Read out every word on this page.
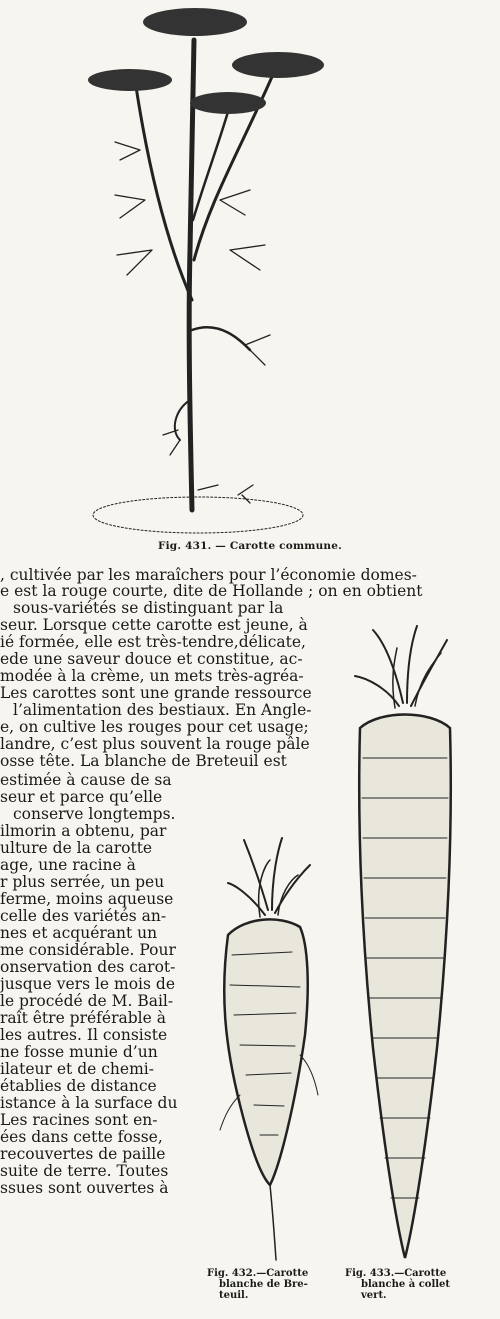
Fig. 431. — Carotte commune.
, cultivée par les maraîchers pour l’économie domes-
e est la rouge courte, dite de Hollande ; on en obtient
sous-variétés se distinguant par la
seur. Lorsque cette carotte est jeune, à
ié formée, elle est très-tendre,délicate,
ede une saveur douce et constitue, ac-
modée à la crème, un mets très-agréa-
Les carottes sont une grande ressource
l’alimentation des bestiaux. En Angle-
e, on cultive les rouges pour cet usage;
landre, c’est plus souvent la rouge pâle
osse tête. La blanche de Breteuil est
estimée à cause de sa
seur et parce qu’elle
conserve longtemps.
ilmorin a obtenu, par
ulture de la carotte
age, une racine à
r plus serrée, un peu
ferme, moins aqueuse
celle des variétés an-
nes et acquérant un
me considérable. Pour
onservation des carot-
jusque vers le mois de
le procédé de M. Bail-
raît être préférable à
les autres. Il consiste
ne fosse munie d’un
ilateur et de chemi-
établies de distance
istance à la surface du
Les racines sont en-
ées dans cette fosse,
recouvertes de paille
suite de terre. Toutes
ssues sont ouvertes à
Fig. 432.—Carotte
blanche de Bre-
teuil.
Fig. 433.—Carotte
blanche à collet
vert.
